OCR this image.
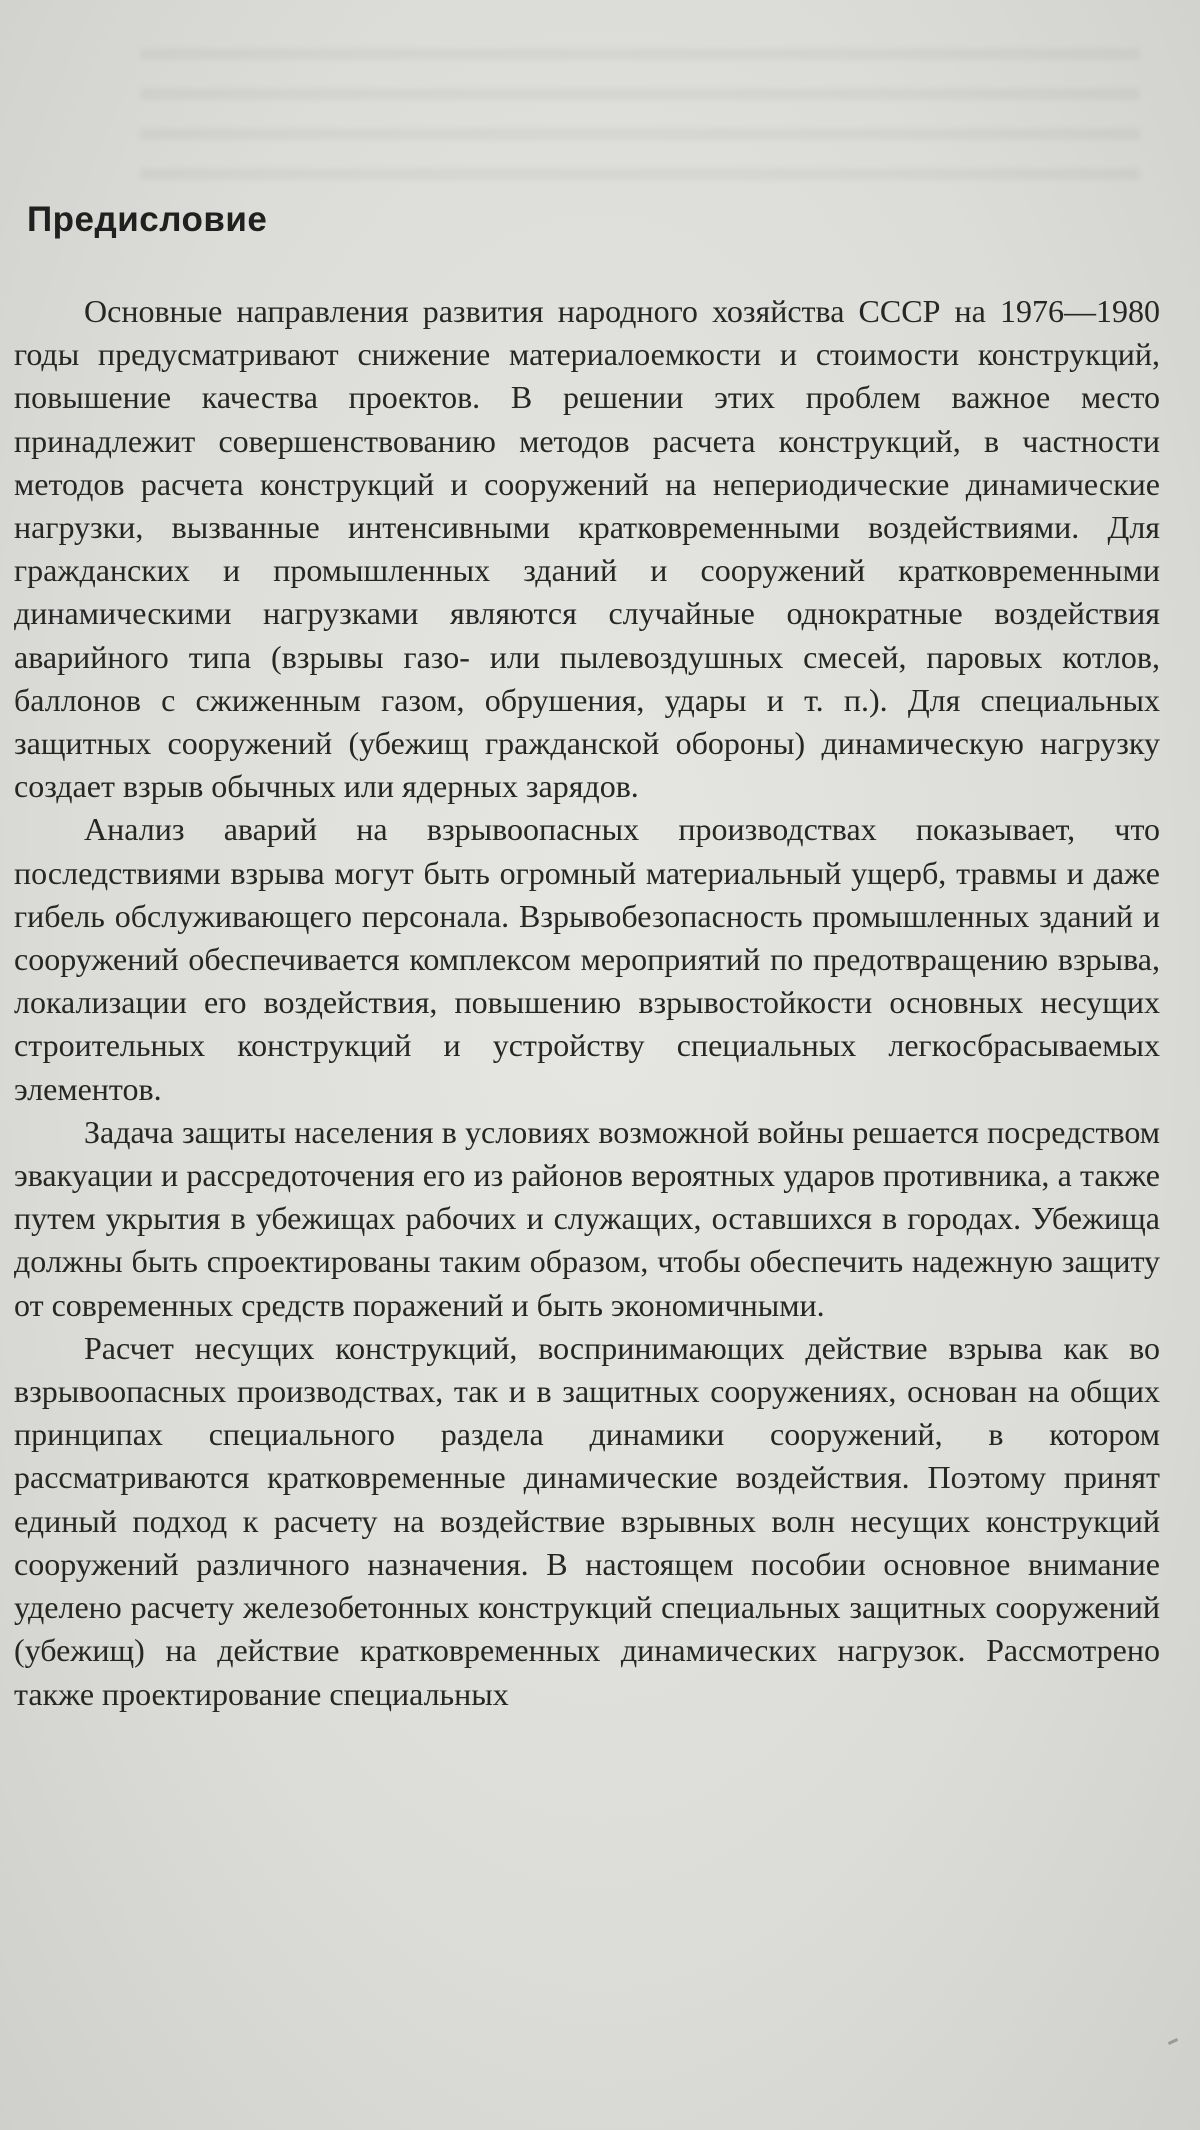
Предисловие

Основные направления развития народного хозяйства СССР на 1976—1980 годы предусматривают снижение материалоемкости и стоимости конструкций, повышение качества проектов. В решении этих проблем важное место принадлежит совершенствованию методов расчета конструкций, в частности методов расчета конструкций и сооружений на непериодические динамические нагрузки, вызванные интенсивными кратковременными воздействиями. Для гражданских и промышленных зданий и сооружений кратковременными динамическими нагрузками являются случайные однократные воздействия аварийного типа (взрывы газо- или пылевоздушных смесей, паровых котлов, баллонов с сжиженным газом, обрушения, удары и т. п.). Для специальных защитных сооружений (убежищ гражданской обороны) динамическую нагрузку создает взрыв обычных или ядерных зарядов.

Анализ аварий на взрывоопасных производствах показывает, что последствиями взрыва могут быть огромный материальный ущерб, травмы и даже гибель обслуживающего персонала. Взрывобезопасность промышленных зданий и сооружений обеспечивается комплексом мероприятий по предотвращению взрыва, локализации его воздействия, повышению взрывостойкости основных несущих строительных конструкций и устройству специальных легкосбрасываемых элементов.

Задача защиты населения в условиях возможной войны решается посредством эвакуации и рассредоточения его из районов вероятных ударов противника, а также путем укрытия в убежищах рабочих и служащих, оставшихся в городах. Убежища должны быть спроектированы таким образом, чтобы обеспечить надежную защиту от современных средств поражений и быть экономичными.

Расчет несущих конструкций, воспринимающих действие взрыва как во взрывоопасных производствах, так и в защитных сооружениях, основан на общих принципах специального раздела динамики сооружений, в котором рассматриваются кратковременные динамические воздействия. Поэтому принят единый подход к расчету на воздействие взрывных волн несущих конструкций сооружений различного назначения. В настоящем пособии основное внимание уделено расчету железобетонных конструкций специальных защитных сооружений (убежищ) на действие кратковременных динамических нагрузок. Рассмотрено также проектирование специальных
